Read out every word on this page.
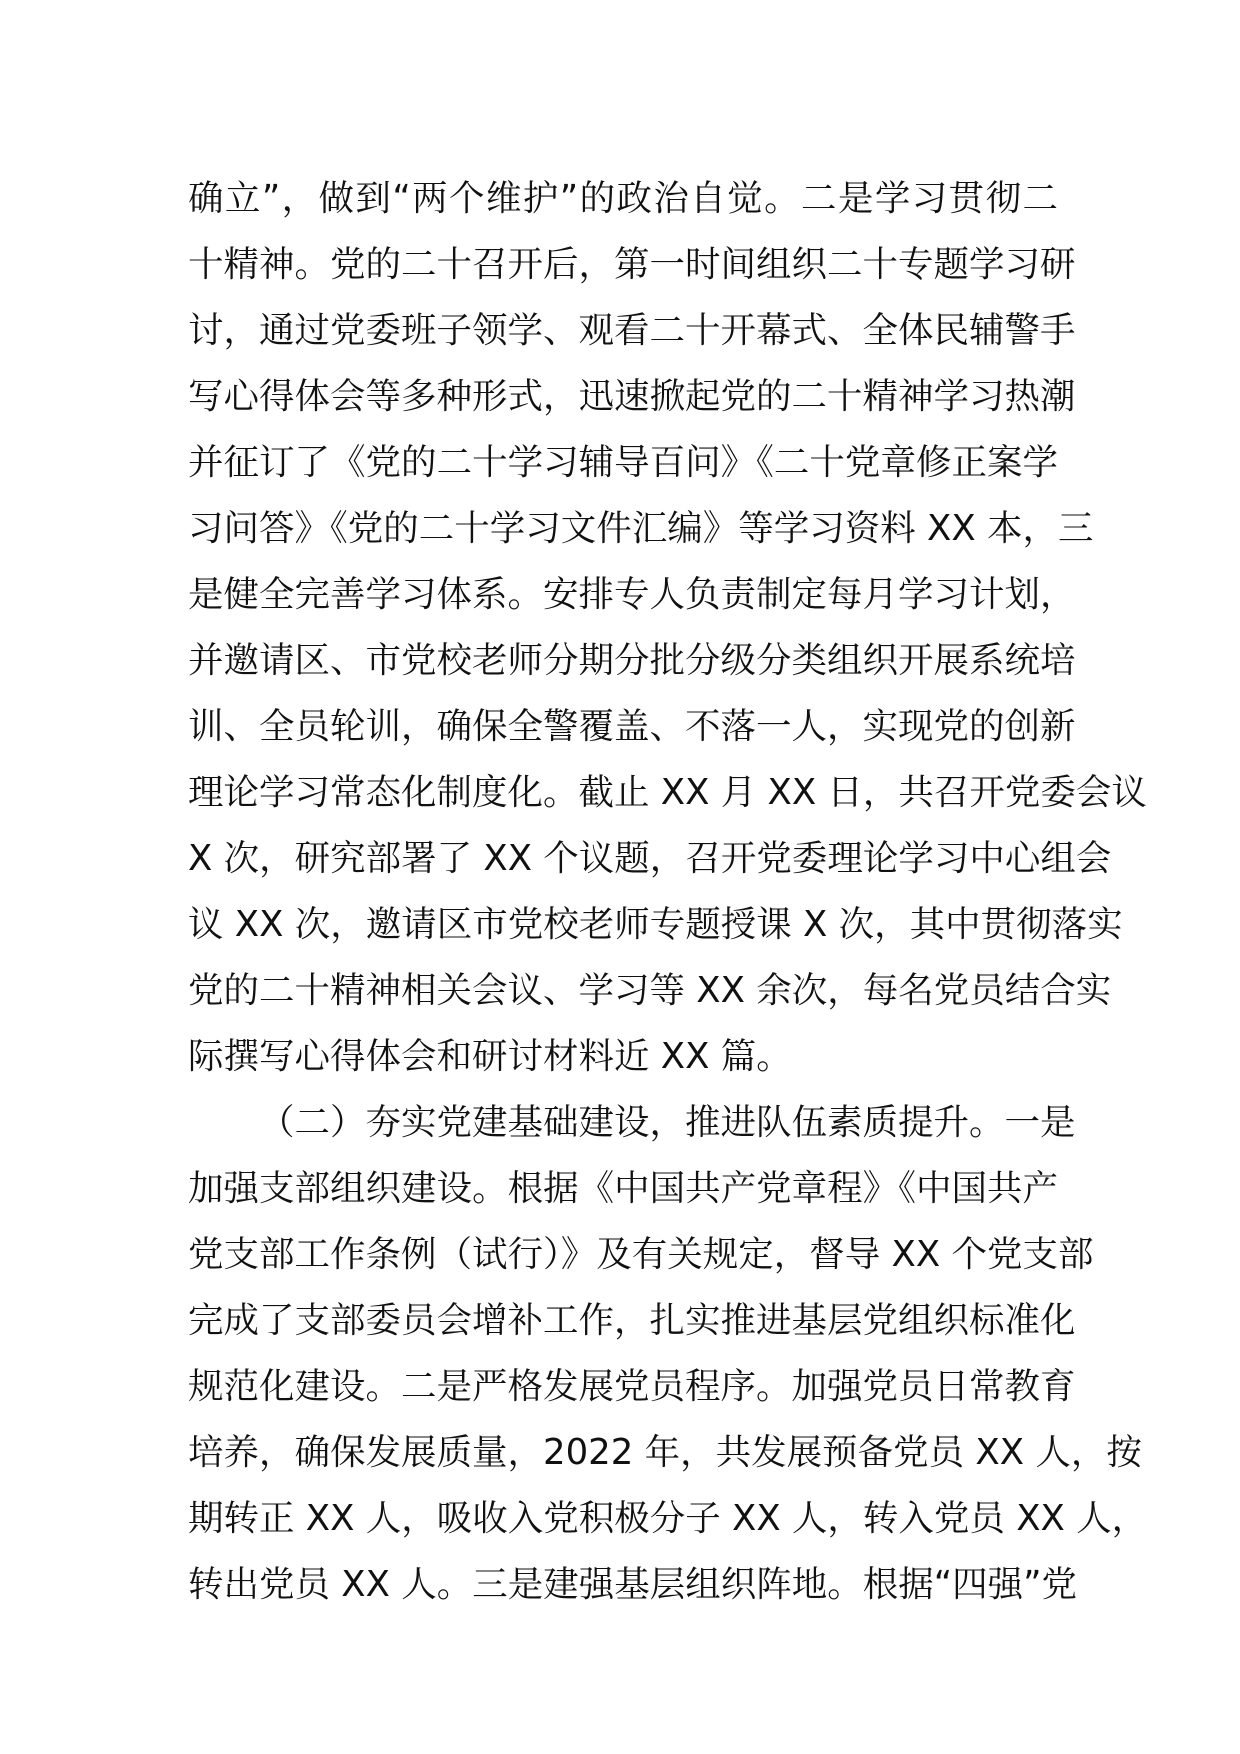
确立”，做到“两个维护”的政治自觉。二是学习贯彻二
十精神。党的二十召开后，第一时间组织二十专题学习研
讨，通过党委班子领学、观看二十开幕式、全体民辅警手
写心得体会等多种形式，迅速掀起党的二十精神学习热潮
并征订了《党的二十学习辅导百问》《二十党章修正案学
习问答》《党的二十学习文件汇编》等学习资料 XX 本，三
是健全完善学习体系。安排专人负责制定每月学习计划，
并邀请区、市党校老师分期分批分级分类组织开展系统培
训、全员轮训，确保全警覆盖、不落一人，实现党的创新
理论学习常态化制度化。截止 XX 月 XX 日，共召开党委会议
X 次，研究部署了 XX 个议题，召开党委理论学习中心组会
议 XX 次，邀请区市党校老师专题授课 X 次，其中贯彻落实
党的二十精神相关会议、学习等 XX 余次，每名党员结合实
际撰写心得体会和研讨材料近 XX 篇。
（二）夯实党建基础建设，推进队伍素质提升。一是
加强支部组织建设。根据《中国共产党章程》《中国共产
党支部工作条例（试行）》及有关规定，督导 XX 个党支部
完成了支部委员会增补工作，扎实推进基层党组织标准化
规范化建设。二是严格发展党员程序。加强党员日常教育
培养，确保发展质量，2022 年，共发展预备党员 XX 人，按
期转正 XX 人，吸收入党积极分子 XX 人，转入党员 XX 人，
转出党员 XX 人。三是建强基层组织阵地。根据“四强”党
